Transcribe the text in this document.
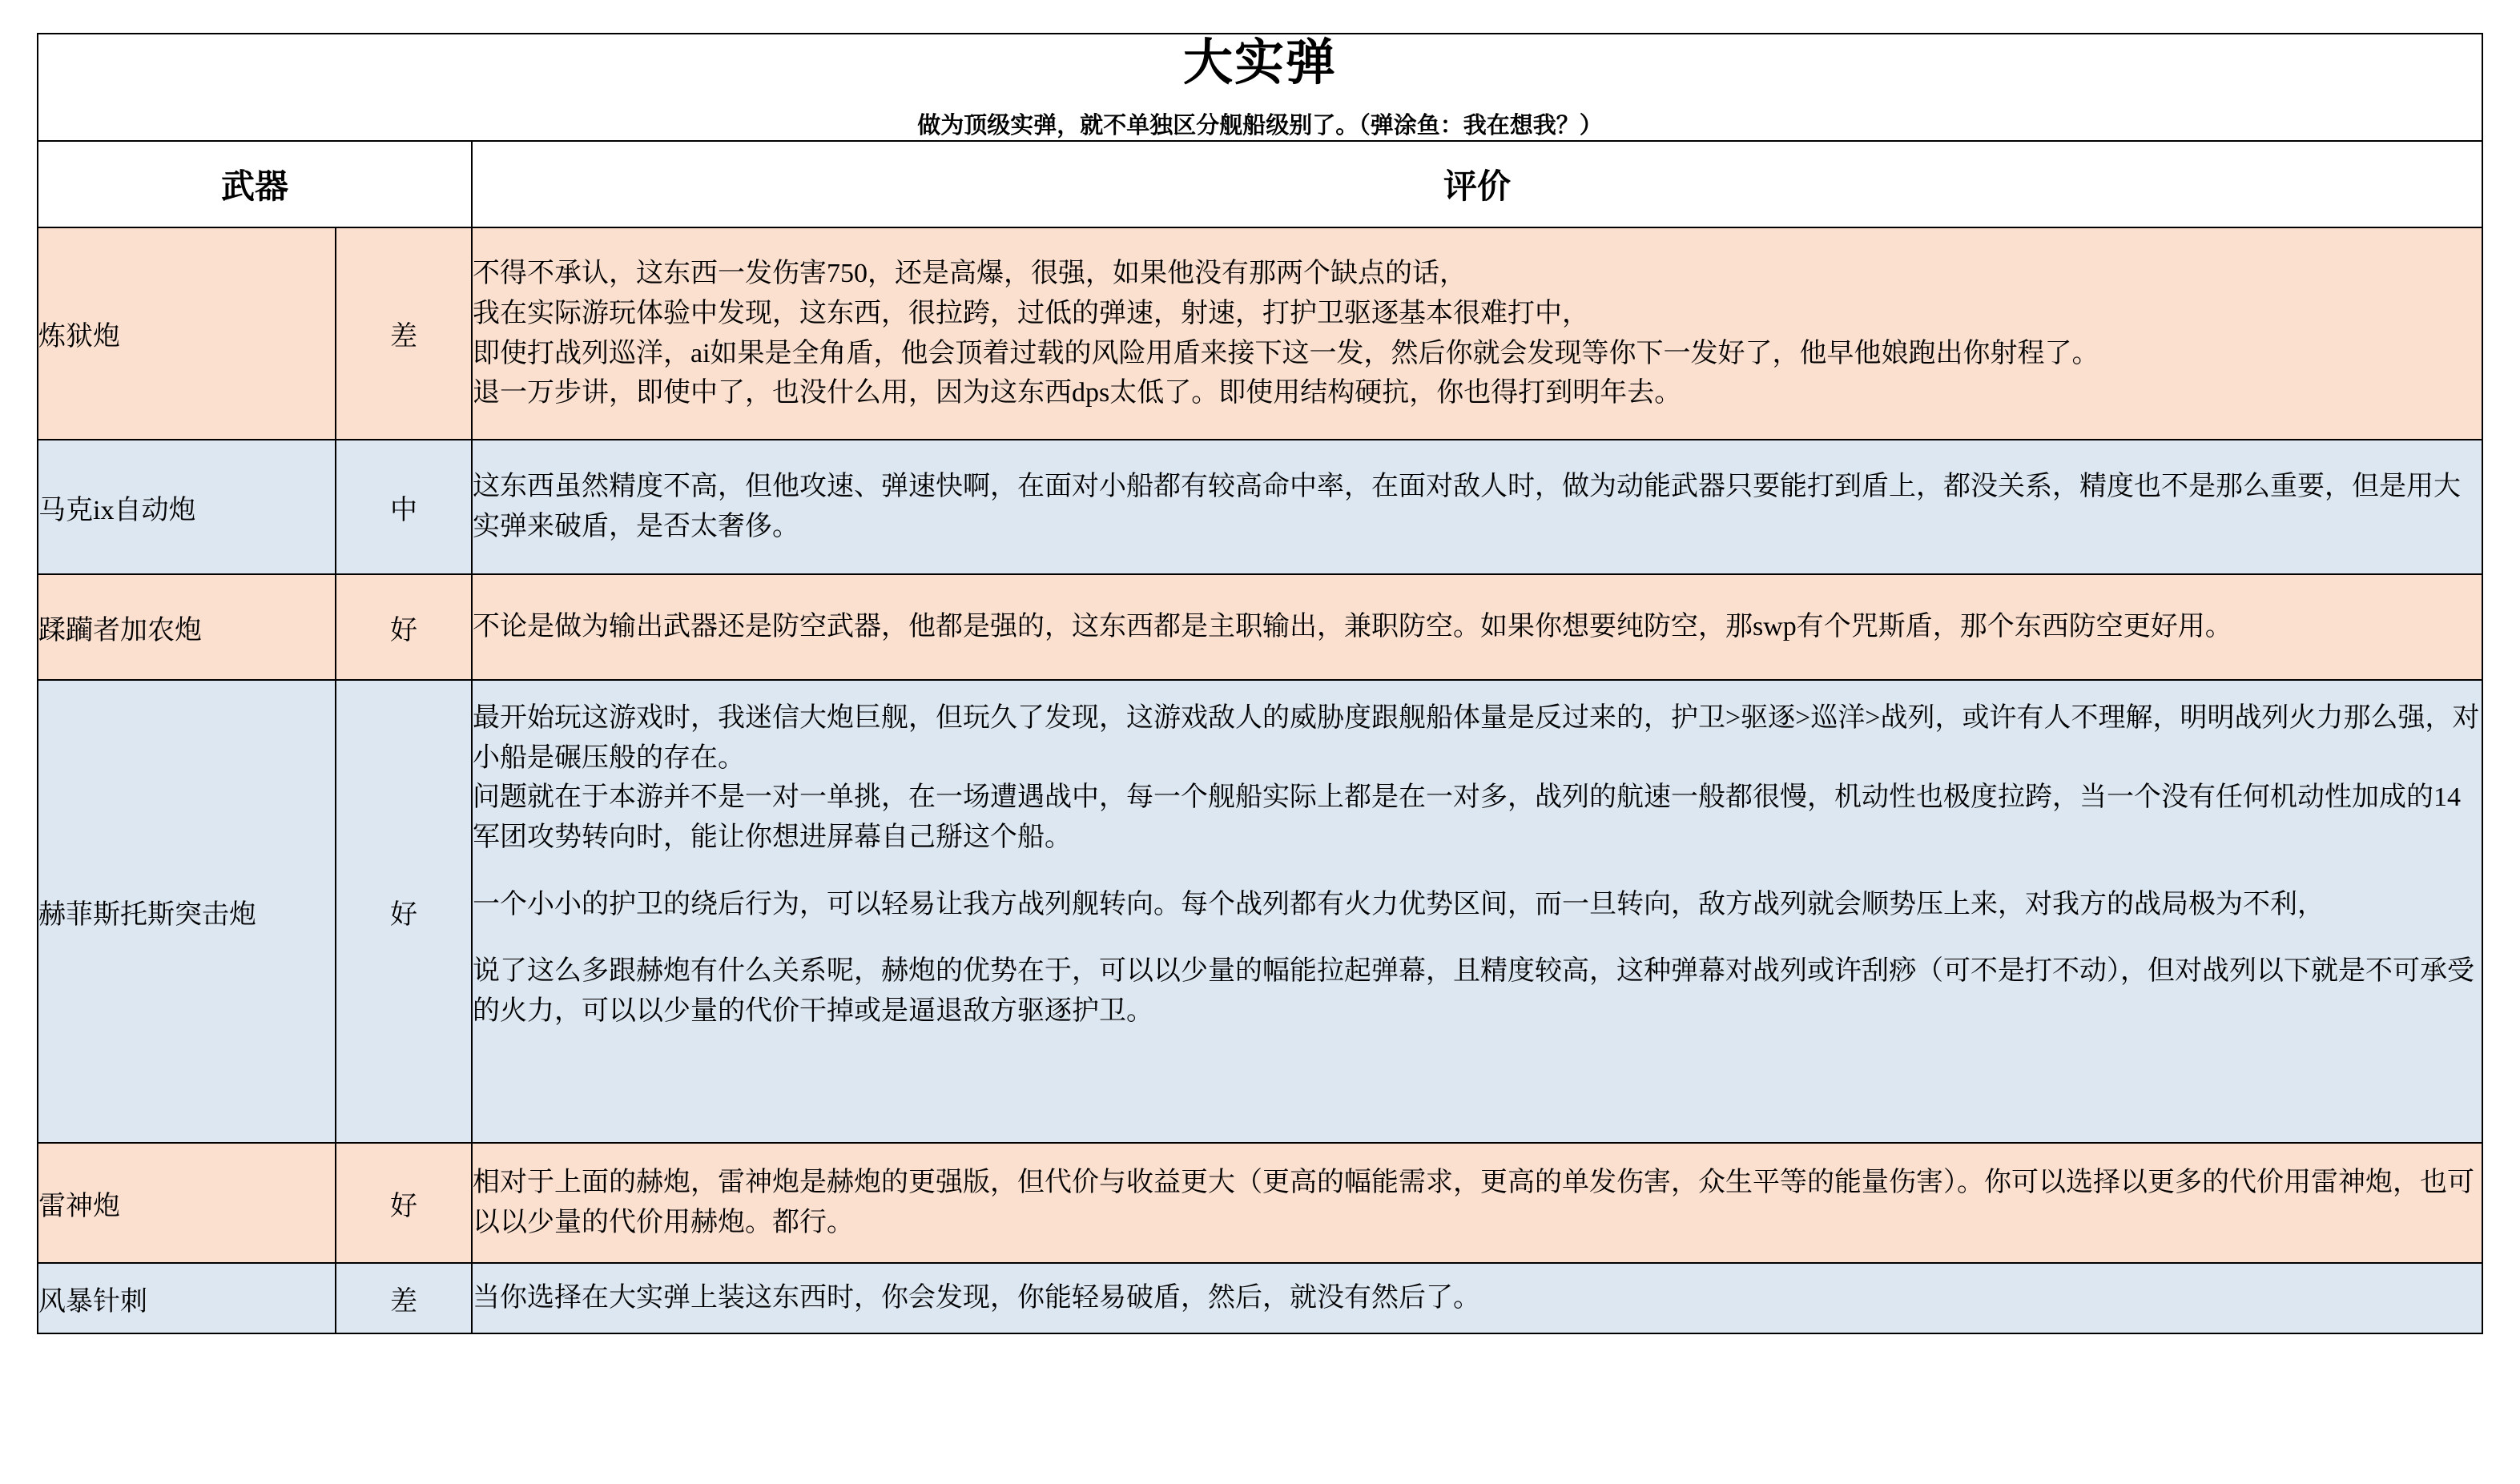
大实弹
做为顶级实弹，就不单独区分舰船级别了。（弹涂鱼：我在想我？）		

武器		评价
炼狱炮	差	不得不承认，这东西一发伤害750，还是高爆，很强，如果他没有那两个缺点的话，

我在实际游玩体验中发现，这东西，很拉跨，过低的弹速，射速，打护卫驱逐基本很难打中，

即使打战列巡洋，ai如果是全角盾，他会顶着过载的风险用盾来接下这一发，然后你就会发现等你下一发好了，他早他娘跑出你射程了。

退一万步讲，即使中了，也没什么用，因为这东西dps太低了。即使用结构硬抗，你也得打到明年去。

马克ix自动炮	中	这东西虽然精度不高，但他攻速、弹速快啊，在面对小船都有较高命中率，在面对敌人时，做为动能武器只要能打到盾上，都没关系，精度也不是那么重要，但是用大实弹来破盾，是否太奢侈。

蹂躏者加农炮	好	不论是做为输出武器还是防空武器，他都是强的，这东西都是主职输出，兼职防空。如果你想要纯防空，那swp有个咒斯盾，那个东西防空更好用。

赫菲斯托斯突击炮	好	最开始玩这游戏时，我迷信大炮巨舰，但玩久了发现，这游戏敌人的威胁度跟舰船体量是反过来的，护卫>驱逐>巡洋>战列，或许有人不理解，明明战列火力那么强，对小船是碾压般的存在。

问题就在于本游并不是一对一单挑，在一场遭遇战中，每一个舰船实际上都是在一对多，战列的航速一般都很慢，机动性也极度拉跨，当一个没有任何机动性加成的14军团攻势转向时，能让你想进屏幕自己掰这个船。

一个小小的护卫的绕后行为，可以轻易让我方战列舰转向。每个战列都有火力优势区间，而一旦转向，敌方战列就会顺势压上来，对我方的战局极为不利，

说了这么多跟赫炮有什么关系呢，赫炮的优势在于，可以以少量的幅能拉起弹幕，且精度较高，这种弹幕对战列或许刮痧（可不是打不动），但对战列以下就是不可承受的火力，可以以少量的代价干掉或是逼退敌方驱逐护卫。

雷神炮	好	相对于上面的赫炮，雷神炮是赫炮的更强版，但代价与收益更大（更高的幅能需求，更高的单发伤害，众生平等的能量伤害）。你可以选择以更多的代价用雷神炮，也可以以少量的代价用赫炮。都行。

风暴针刺	差	当你选择在大实弹上装这东西时，你会发现，你能轻易破盾，然后，就没有然后了。
